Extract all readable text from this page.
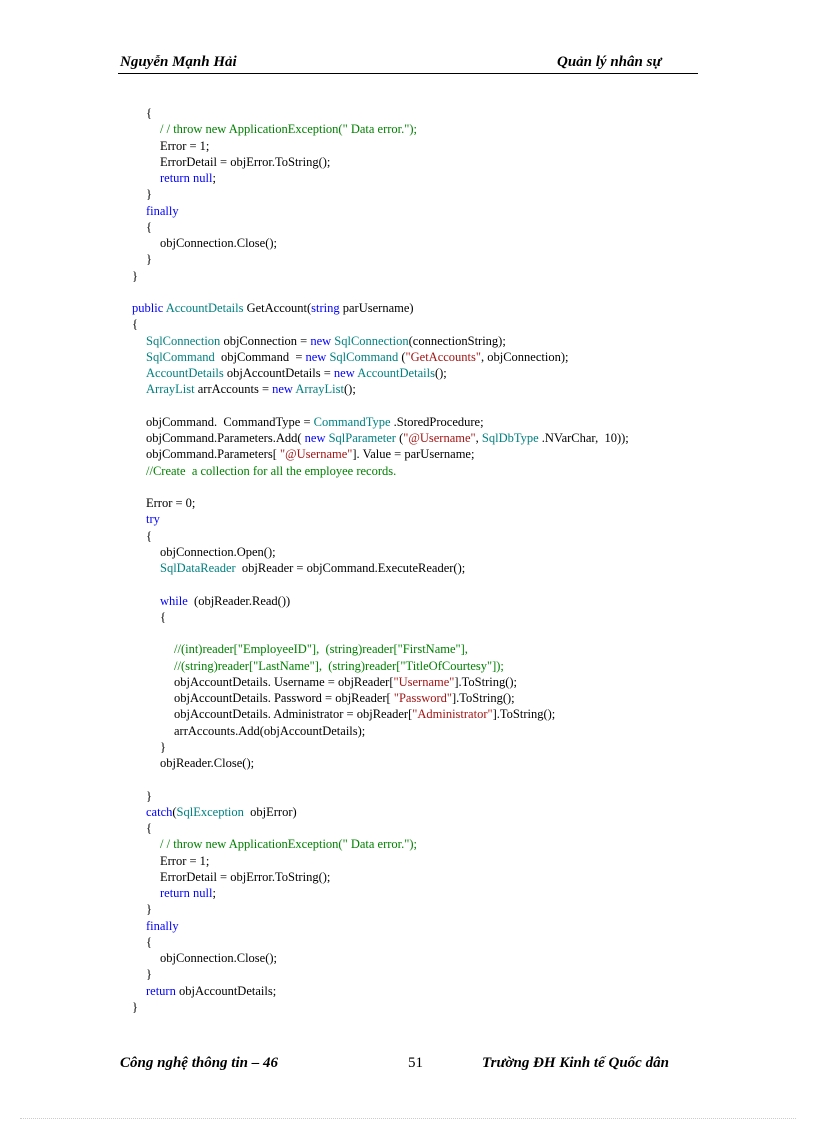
Nguyễn Mạnh Hải	Quản lý nhân sự
{
/ / throw new ApplicationException(" Data error.");
Error = 1;
ErrorDetail = objError.ToString();
return null;
}
finally
{
objConnection.Close();
}
}
public AccountDetails GetAccount(string parUsername)
{
SqlConnection objConnection = new SqlConnection(connectionString);
SqlCommand  objCommand  = new SqlCommand ("GetAccounts", objConnection);
AccountDetails objAccountDetails = new AccountDetails();
ArrayList arrAccounts = new ArrayList();
objCommand.  CommandType = CommandType .StoredProcedure;
objCommand.Parameters.Add( new SqlParameter ("@Username", SqlDbType .NVarChar,  10));
objCommand.Parameters[ "@Username"]. Value = parUsername;
//Create  a collection for all the employee records.
Error = 0;
try
{
objConnection.Open();
SqlDataReader  objReader = objCommand.ExecuteReader();
while  (objReader.Read())
{
//(int)reader["EmployeeID"],  (string)reader["FirstName"],
//(string)reader["LastName"],  (string)reader["TitleOfCourtesy"]);
objAccountDetails. Username = objReader["Username"].ToString();
objAccountDetails. Password = objReader[ "Password"].ToString();
objAccountDetails. Administrator = objReader["Administrator"].ToString();
arrAccounts.Add(objAccountDetails);
}
objReader.Close();
}
catch(SqlException  objError)
{
/ / throw new ApplicationException(" Data error.");
Error = 1;
ErrorDetail = objError.ToString();
return null;
}
finally
{
objConnection.Close();
}
return objAccountDetails;
}
Công nghệ thông tin – 46	51	Trường ĐH Kinh tế Quốc dân
